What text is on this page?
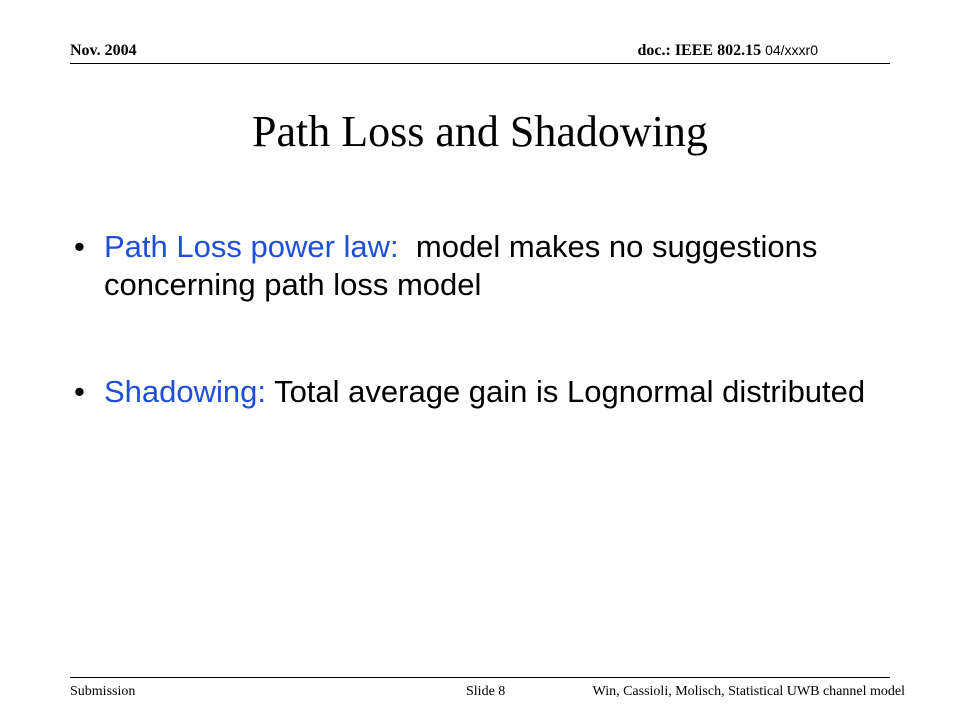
Nov. 2004	doc.: IEEE 802.15 04/xxxr0
Path Loss and Shadowing
• Path Loss power law:  model makes no suggestions concerning path loss model
• Shadowing: Total average gain is Lognormal distributed
Submission	Slide 8	Win, Cassioli, Molisch, Statistical UWB channel model
